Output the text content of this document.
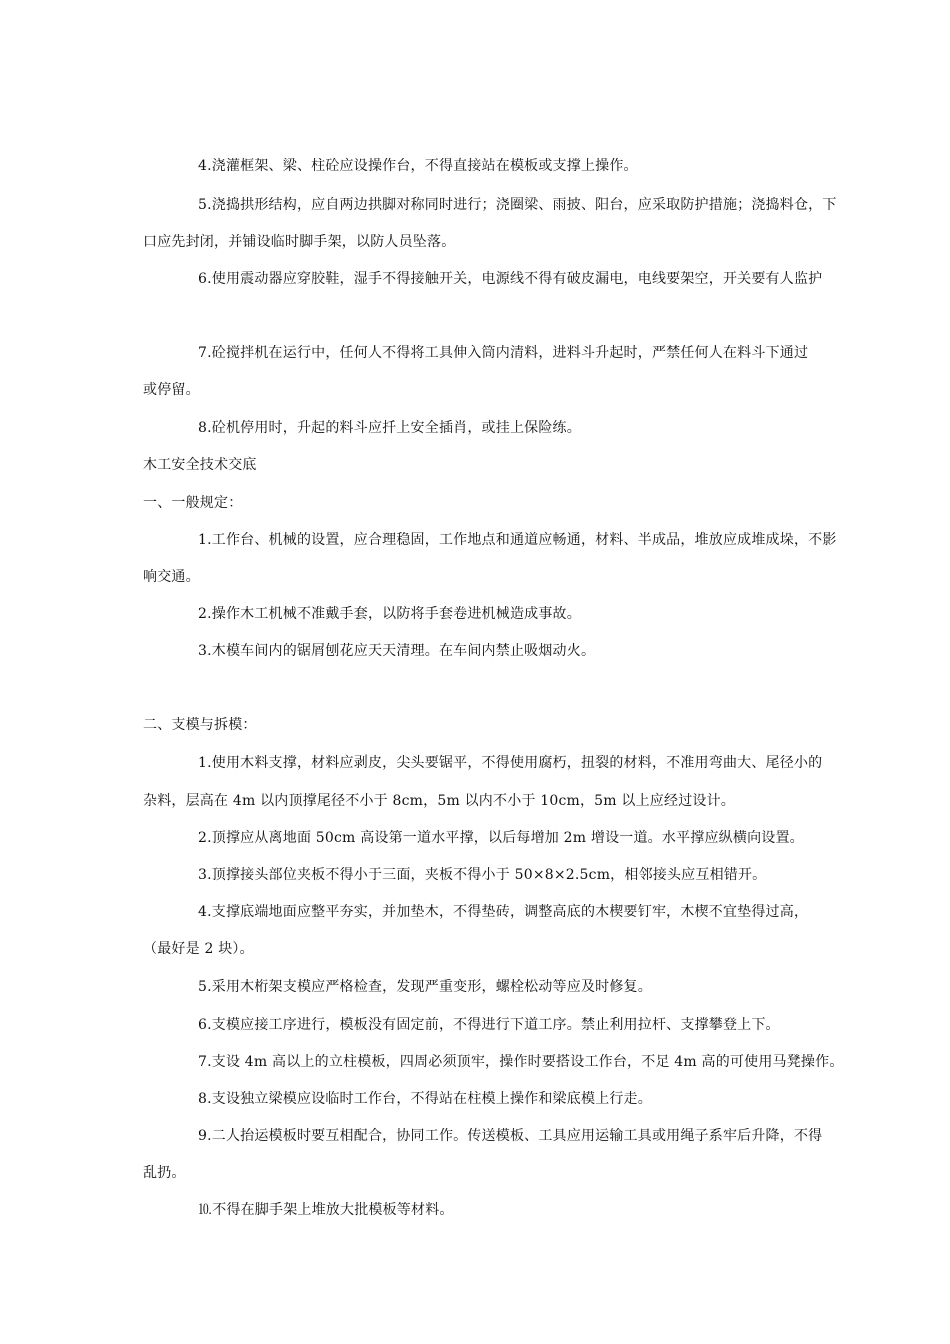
4.浇灌框架、梁、柱砼应设操作台，不得直接站在模板或支撑上操作。
5.浇捣拱形结构，应自两边拱脚对称同时进行；浇圈梁、雨披、阳台，应采取防护措施；浇捣料仓，下
口应先封闭，并铺设临时脚手架，以防人员坠落。
6.使用震动器应穿胶鞋，湿手不得接触开关，电源线不得有破皮漏电，电线要架空，开关要有人监护
7.砼搅拌机在运行中，任何人不得将工具伸入筒内清料，进料斗升起时，严禁任何人在料斗下通过
或停留。
8.砼机停用时，升起的料斗应扦上安全插肖，或挂上保险练。
木工安全技术交底
一、一般规定：
1.工作台、机械的设置，应合理稳固，工作地点和通道应畅通，材料、半成品，堆放应成堆成垛，不影
响交通。
2.操作木工机械不准戴手套，以防将手套卷进机械造成事故。
3.木模车间内的锯屑刨花应天天清理。在车间内禁止吸烟动火。
二、支模与拆模：
1.使用木料支撑，材料应剥皮，尖头要锯平，不得使用腐朽，扭裂的材料，不准用弯曲大、尾径小的
杂料，层高在 4m 以内顶撑尾径不小于 8cm，5m 以内不小于 10cm，5m 以上应经过设计。
2.顶撑应从离地面 50cm 高设第一道水平撑，以后每增加 2m 增设一道。水平撑应纵横向设置。
3.顶撑接头部位夹板不得小于三面，夹板不得小于 50×8×2.5cm，相邻接头应互相错开。
4.支撑底端地面应整平夯实，并加垫木，不得垫砖，调整高底的木楔要钉牢，木楔不宜垫得过高，
（最好是 2 块）。
5.采用木桁架支模应严格检查，发现严重变形，螺栓松动等应及时修复。
6.支模应接工序进行，模板没有固定前，不得进行下道工序。禁止利用拉杆、支撑攀登上下。
7.支设 4m 高以上的立柱模板，四周必须顶牢，操作时要搭设工作台，不足 4m 高的可使用马凳操作。
8.支设独立梁模应设临时工作台，不得站在柱模上操作和梁底模上行走。
9.二人抬运模板时要互相配合，协同工作。传送模板、工具应用运输工具或用绳子系牢后升降，不得
乱扔。
⒑不得在脚手架上堆放大批模板等材料。
